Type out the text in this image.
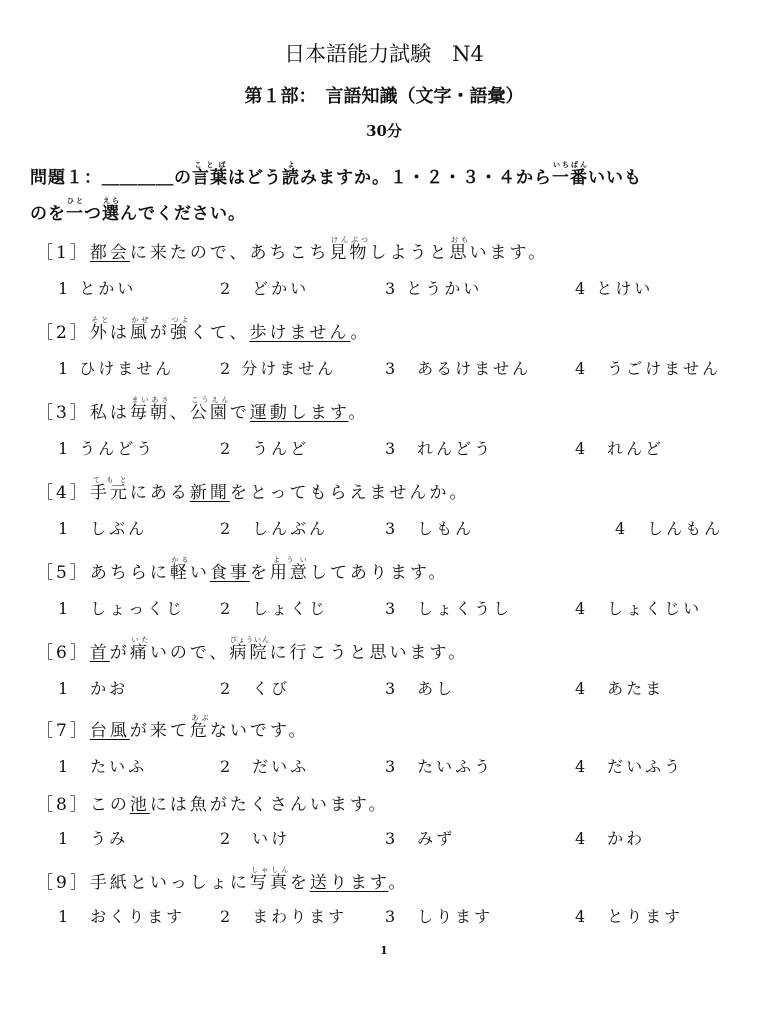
日本語能力試験　N4
第１部：　言語知識（文字・語彙）
30分
問題１：＿＿＿＿の言葉ことばはどう読よみますか。１・２・３・４から一番いちばんいいも
のを一ひとつ選えらんでください。
［1］都会に来たので、あちこち見物けんぶつしようと思おもいます。
1 とかい	2　どかい	3 とうかい	4 とけい
［2］外そとは風かぜが強つよくて、歩けません。
1 ひけません	2 分けません	3　あるけません	4　うごけません
［3］私は毎朝まいあさ、公園こうえんで運動します。
1 うんどう	2　うんど	3　れんどう	4　れんど
［4］手元てもとにある新聞をとってもらえませんか。
1　しぶん	2　しんぶん	3　しもん	4　しんもん
［5］あちらに軽かるい食事を用意よういしてあります。
1　しょっくじ 2　しょくじ	3　しょくうし	4　しょくじい
［6］首が痛いたいので、病院びょういんに行こうと思います。
1　かお	2　くび	3　あし	4　あたま
［7］台風が来て危あぶないです。
1　たいふ	2　だいふ	3　たいふう	4　だいふう
［8］この池には魚がたくさんいます。
1　うみ	2　いけ	3　みず	4　かわ
［9］手紙といっしょに写真しゃしんを送ります。
1　おくります 2　まわります 3　しります	4　とります
1
